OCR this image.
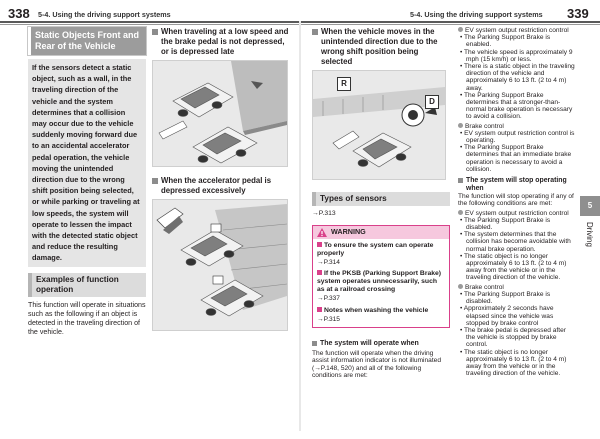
338 5-4. Using the driving support systems	5-4. Using the driving support systems 339
Static Objects Front and Rear of the Vehicle
If the sensors detect a static object, such as a wall, in the traveling direction of the vehicle and the system determines that a collision may occur due to the vehicle suddenly moving forward due to an accidental accelerator pedal operation, the vehicle moving the unintended direction due to the wrong shift position being selected, or while parking or traveling at low speeds, the system will operate to lessen the impact with the detected static object and reduce the resulting damage.
Examples of function operation
This function will operate in situations such as the following if an object is detected in the traveling direction of the vehicle.
When traveling at a low speed and the brake pedal is not depressed, or is depressed late
When the accelerator pedal is depressed excessively
When the vehicle moves in the unintended direction due to the wrong shift position being selected
R
D
Types of sensors
→P.313
WARNING
To ensure the system can operate properly
→P.314
If the PKSB (Parking Support Brake) system operates unnecessarily, such as at a railroad crossing
→P.337
Notes when washing the vehicle
→P.315
The system will operate when
The function will operate when the driving assist information indicator is not illuminated (→P.148, 520) and all of the following conditions are met:
EV system output restriction control
• The Parking Support Brake is enabled.
• The vehicle speed is approximately 9 mph (15 km/h) or less.
• There is a static object in the traveling direction of the vehicle and approximately 6 to 13 ft. (2 to 4 m) away.
• The Parking Support Brake determines that a stronger-than-normal brake operation is necessary to avoid a collision.
Brake control
• EV system output restriction control is operating.
• The Parking Support Brake determines that an immediate brake operation is necessary to avoid a collision.
The system will stop operating when
The function will stop operating if any of the following conditions are met:
EV system output restriction control
• The Parking Support Brake is disabled.
• The system determines that the collision has become avoidable with normal brake operation.
• The static object is no longer approximately 6 to 13 ft. (2 to 4 m) away from the vehicle or in the traveling direction of the vehicle.
Brake control
• The Parking Support Brake is disabled.
• Approximately 2 seconds have elapsed since the vehicle was stopped by brake control
• The brake pedal is depressed after the vehicle is stopped by brake control.
• The static object is no longer approximately 6 to 13 ft. (2 to 4 m) away from the vehicle or in the traveling direction of the vehicle.
5
Driving
